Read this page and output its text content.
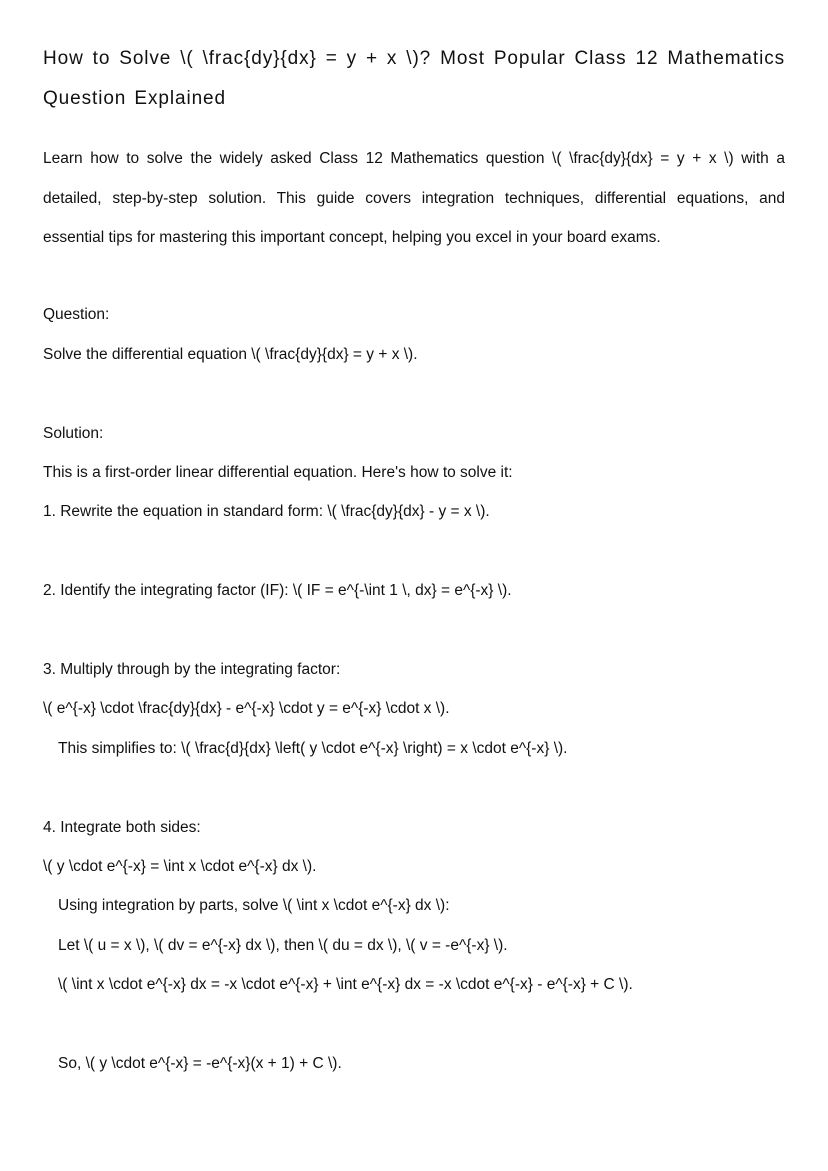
How to Solve \( \frac{dy}{dx} = y + x \)? Most Popular Class 12 Mathematics Question Explained
Learn how to solve the widely asked Class 12 Mathematics question \( \frac{dy}{dx} = y + x \) with a detailed, step-by-step solution. This guide covers integration techniques, differential equations, and essential tips for mastering this important concept, helping you excel in your board exams.
Question:
Solve the differential equation \( \frac{dy}{dx} = y + x \).
Solution:
This is a first-order linear differential equation. Here's how to solve it:
1. Rewrite the equation in standard form: \( \frac{dy}{dx} - y = x \).
2. Identify the integrating factor (IF): \( IF = e^{-\int 1 \, dx} = e^{-x} \).
3. Multiply through by the integrating factor:
\( e^{-x} \cdot \frac{dy}{dx} - e^{-x} \cdot y = e^{-x} \cdot x \).
This simplifies to: \( \frac{d}{dx} \left( y \cdot e^{-x} \right) = x \cdot e^{-x} \).
4. Integrate both sides:
\( y \cdot e^{-x} = \int x \cdot e^{-x} dx \).
Using integration by parts, solve \( \int x \cdot e^{-x} dx \):
Let \( u = x \), \( dv = e^{-x} dx \), then \( du = dx \), \( v = -e^{-x} \).
\( \int x \cdot e^{-x} dx = -x \cdot e^{-x} + \int e^{-x} dx = -x \cdot e^{-x} - e^{-x} + C \).
So, \( y \cdot e^{-x} = -e^{-x}(x + 1) + C \).
